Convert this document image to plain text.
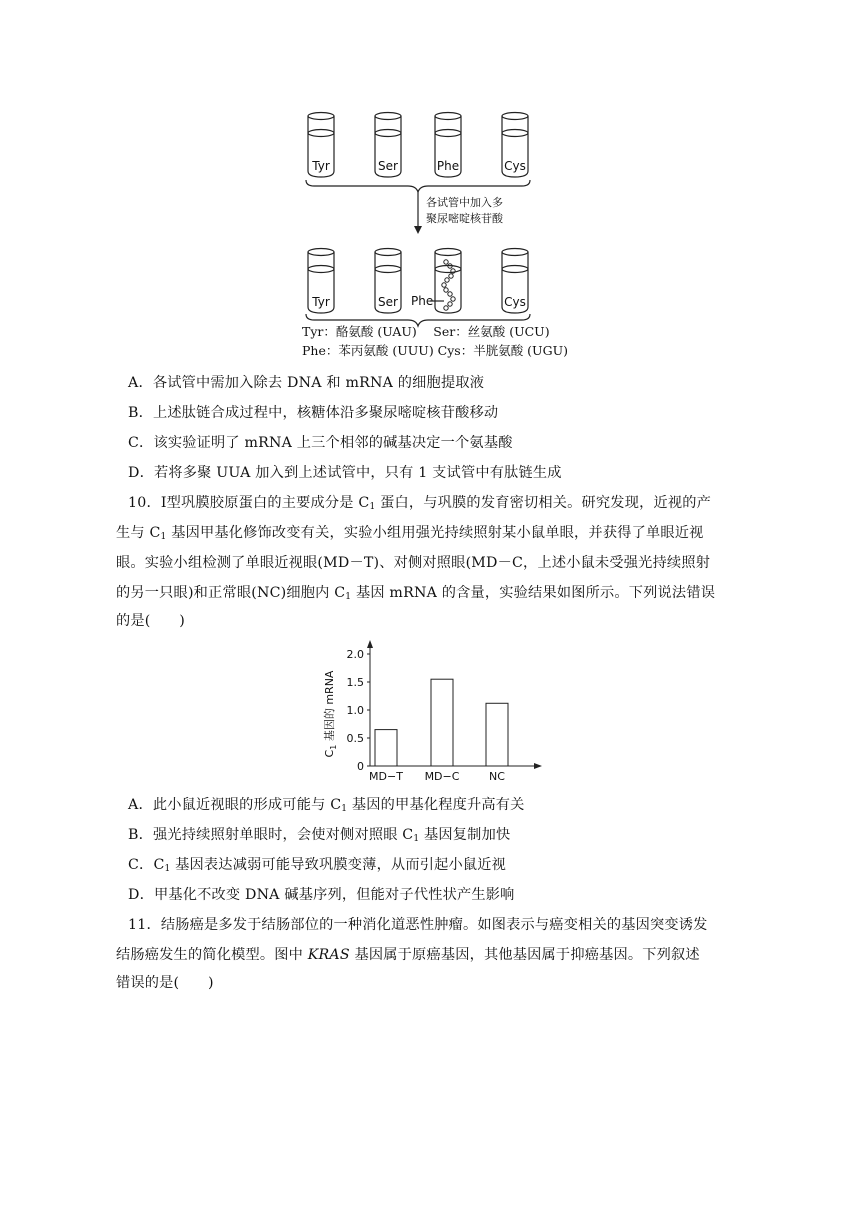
Tyr	Ser	Phe	Cys
Tyr	Ser	Cys
Phe
各试管中加入多
聚尿嘧啶核苷酸
Tyr：酪氨酸 (UAU)　 Ser：丝氨酸 (UCU)
Phe：苯丙氨酸 (UUU) Cys：半胱氨酸 (UGU)
A．各试管中需加入除去 DNA 和 mRNA 的细胞提取液
B．上述肽链合成过程中，核糖体沿多聚尿嘧啶核苷酸移动
C．该实验证明了 mRNA 上三个相邻的碱基决定一个氨基酸
D．若将多聚 UUA 加入到上述试管中，只有 1 支试管中有肽链生成
10．Ⅰ型巩膜胶原蛋白的主要成分是 $C_1$ 蛋白，与巩膜的发育密切相关。研究发现，近视的产
生与 $C_1$ 基因甲基化修饰改变有关，实验小组用强光持续照射某小鼠单眼，并获得了单眼近视
眼。实验小组检测了单眼近视眼(MD－T)、对侧对照眼(MD－C，上述小鼠未受强光持续照射
的另一只眼)和正常眼(NC)细胞内 $C_1$ 基因 mRNA 的含量，实验结果如图所示。下列说法错误
的是(　　)
$C_1$ 基因的 mRNA
0
0.5
1.0
1.5
2.0
MD−T MD−C	NC
A．此小鼠近视眼的形成可能与 $C_1$ 基因的甲基化程度升高有关
B．强光持续照射单眼时，会使对侧对照眼 $C_1$ 基因复制加快
C．$C_1$ 基因表达减弱可能导致巩膜变薄，从而引起小鼠近视
D．甲基化不改变 DNA 碱基序列，但能对子代性状产生影响
11．结肠癌是多发于结肠部位的一种消化道恶性肿瘤。如图表示与癌变相关的基因突变诱发
结肠癌发生的简化模型。图中 KRAS 基因属于原癌基因，其他基因属于抑癌基因。下列叙述
错误的是(　　)
